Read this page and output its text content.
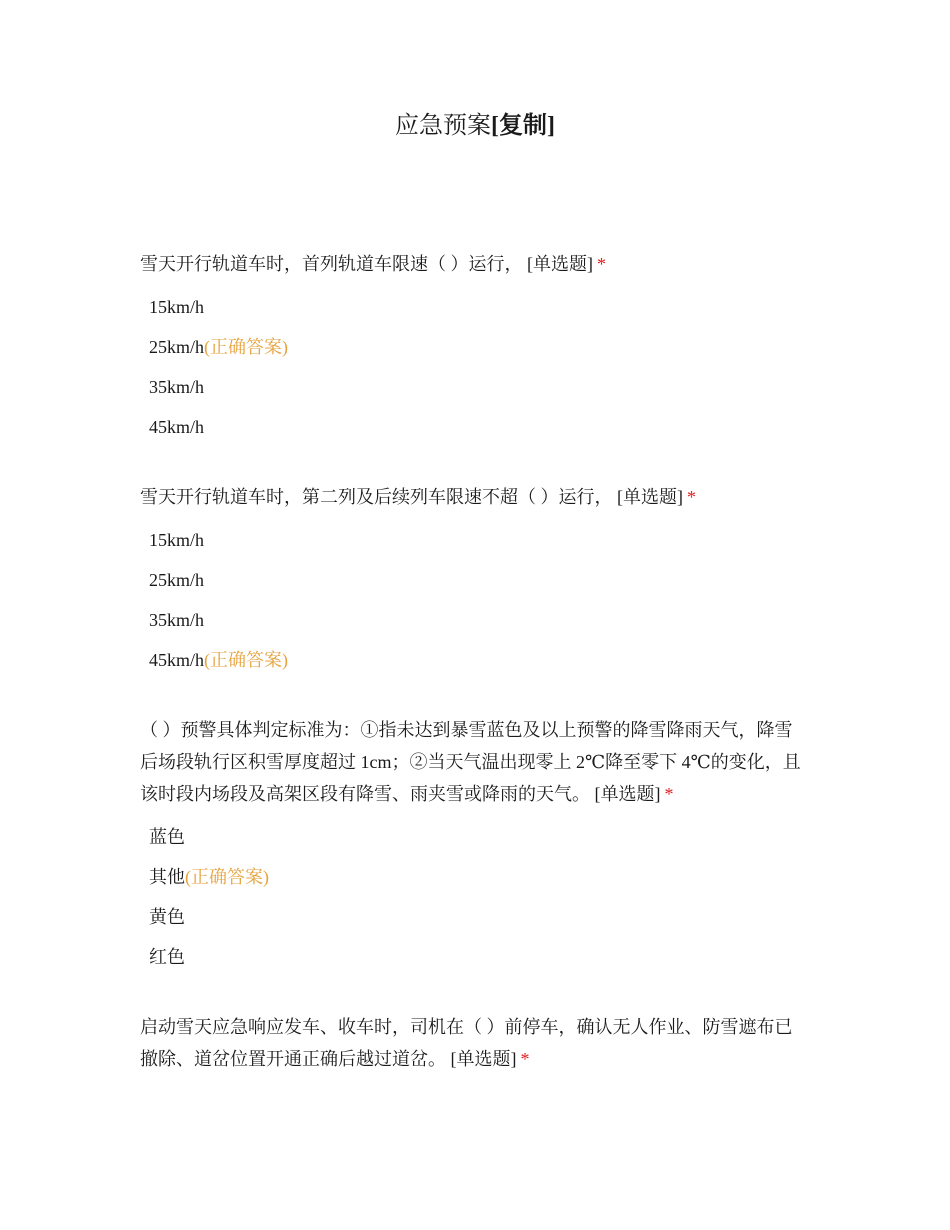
应急预案[复制]

雪天开行轨道车时，首列轨道车限速（ ）运行， [单选题] *

15km/h
25km/h(正确答案)
35km/h
45km/h

雪天开行轨道车时，第二列及后续列车限速不超（ ）运行， [单选题] *

15km/h
25km/h
35km/h
45km/h(正确答案)

（ ）预警具体判定标准为：①指未达到暴雪蓝色及以上预警的降雪降雨天气，降雪后场段轨行区积雪厚度超过 1cm；②当天气温出现零上 2℃降至零下 4℃的变化，且该时段内场段及高架区段有降雪、雨夹雪或降雨的天气。 [单选题] *

蓝色
其他(正确答案)
黄色
红色

启动雪天应急响应发车、收车时，司机在（ ）前停车，确认无人作业、防雪遮布已撤除、道岔位置开通正确后越过道岔。 [单选题] *
